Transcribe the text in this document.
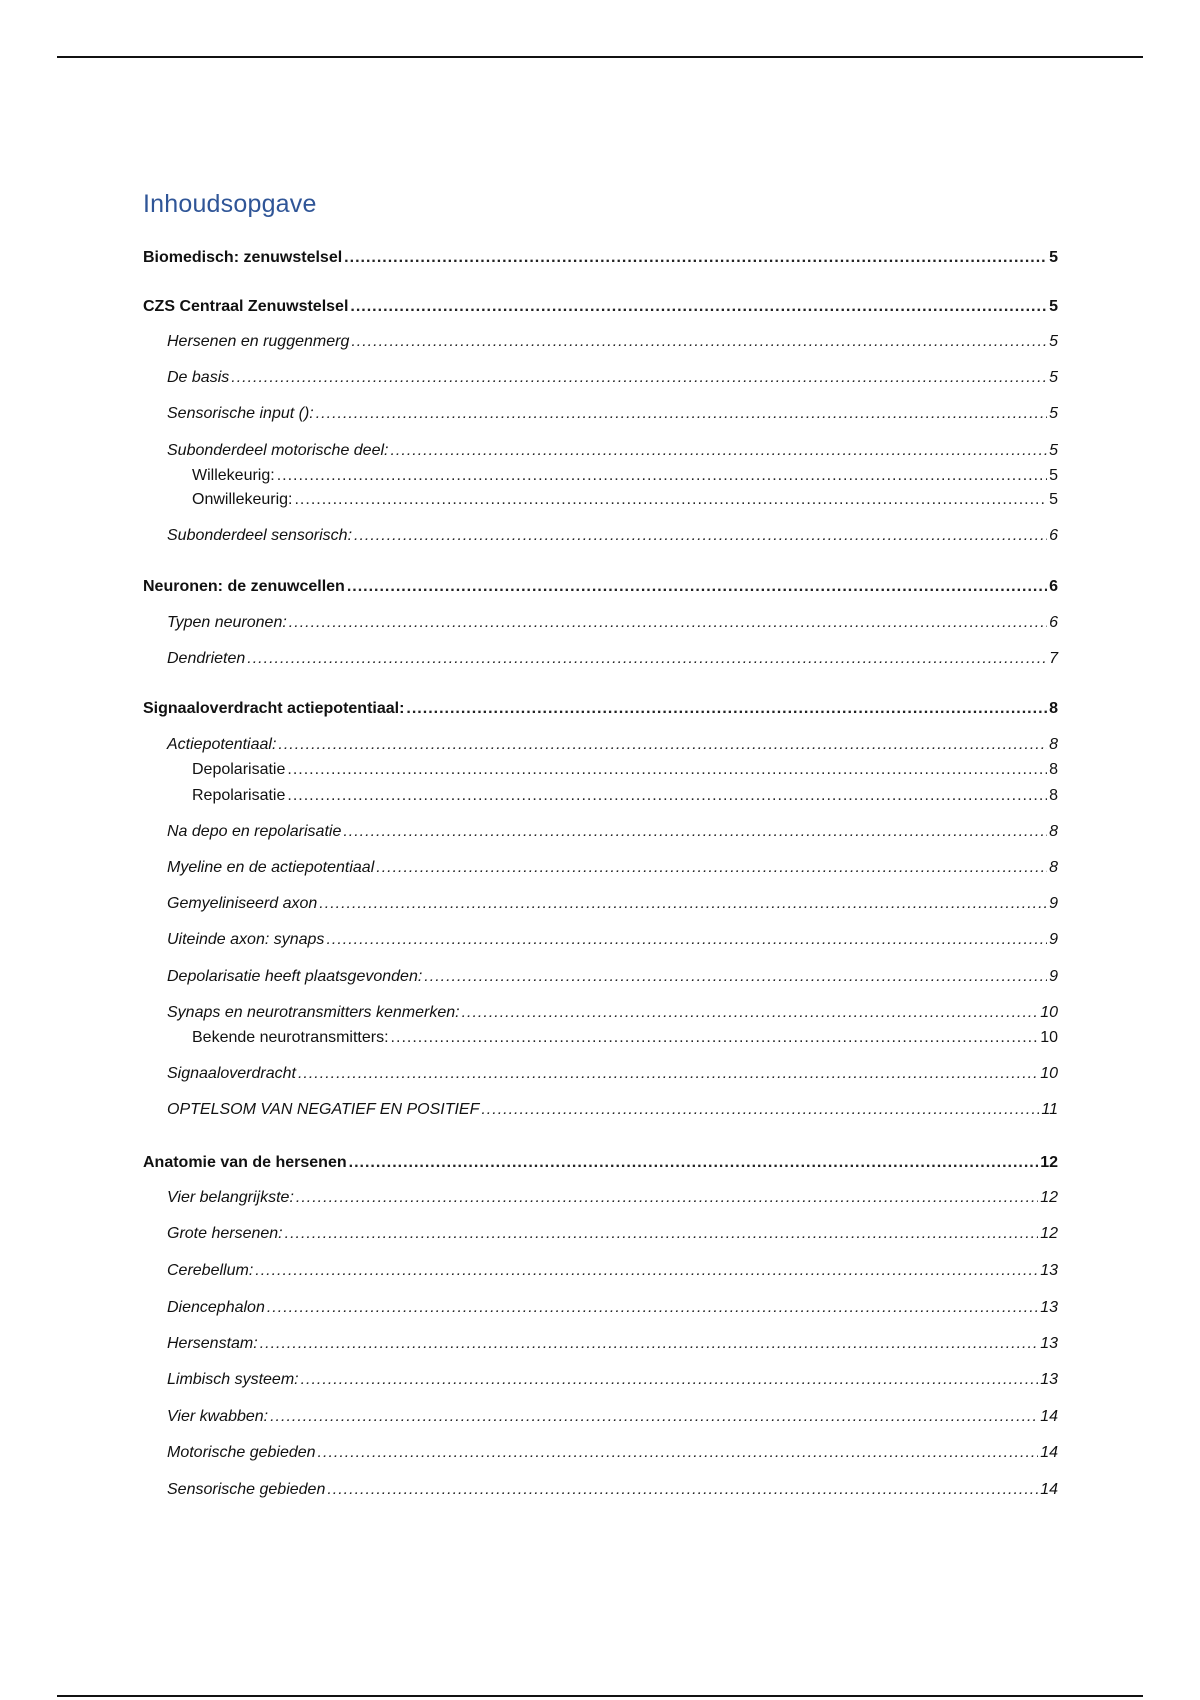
Inhoudsopgave
Biomedisch: zenuwstelsel .....	5
CZS Centraal Zenuwstelsel .....	5
Hersenen en ruggenmerg .....	5
De basis .....	5
Sensorische input (): .....	5
Subonderdeel motorische deel: .....	5
Willekeurig: .....	5
Onwillekeurig: .....	5
Subonderdeel sensorisch: .....	6
Neuronen: de zenuwcellen .....	6
Typen neuronen: .....	6
Dendrieten .....	7
Signaaloverdracht actiepotentiaal: .....	8
Actiepotentiaal: .....	8
Depolarisatie .....	8
Repolarisatie .....	8
Na depo en repolarisatie .....	8
Myeline en de actiepotentiaal .....	8
Gemyeliniseerd axon .....	9
Uiteinde axon: synaps .....	9
Depolarisatie heeft plaatsgevonden: .....	9
Synaps en neurotransmitters kenmerken: .....	10
Bekende neurotransmitters: .....	10
Signaaloverdracht .....	10
OPTELSOM VAN NEGATIEF EN POSITIEF .....	11
Anatomie van de hersenen .....	12
Vier belangrijkste: .....	12
Grote hersenen: .....	12
Cerebellum: .....	13
Diencephalon .....	13
Hersenstam: .....	13
Limbisch systeem: .....	13
Vier kwabben: .....	14
Motorische gebieden .....	14
Sensorische gebieden .....	14
